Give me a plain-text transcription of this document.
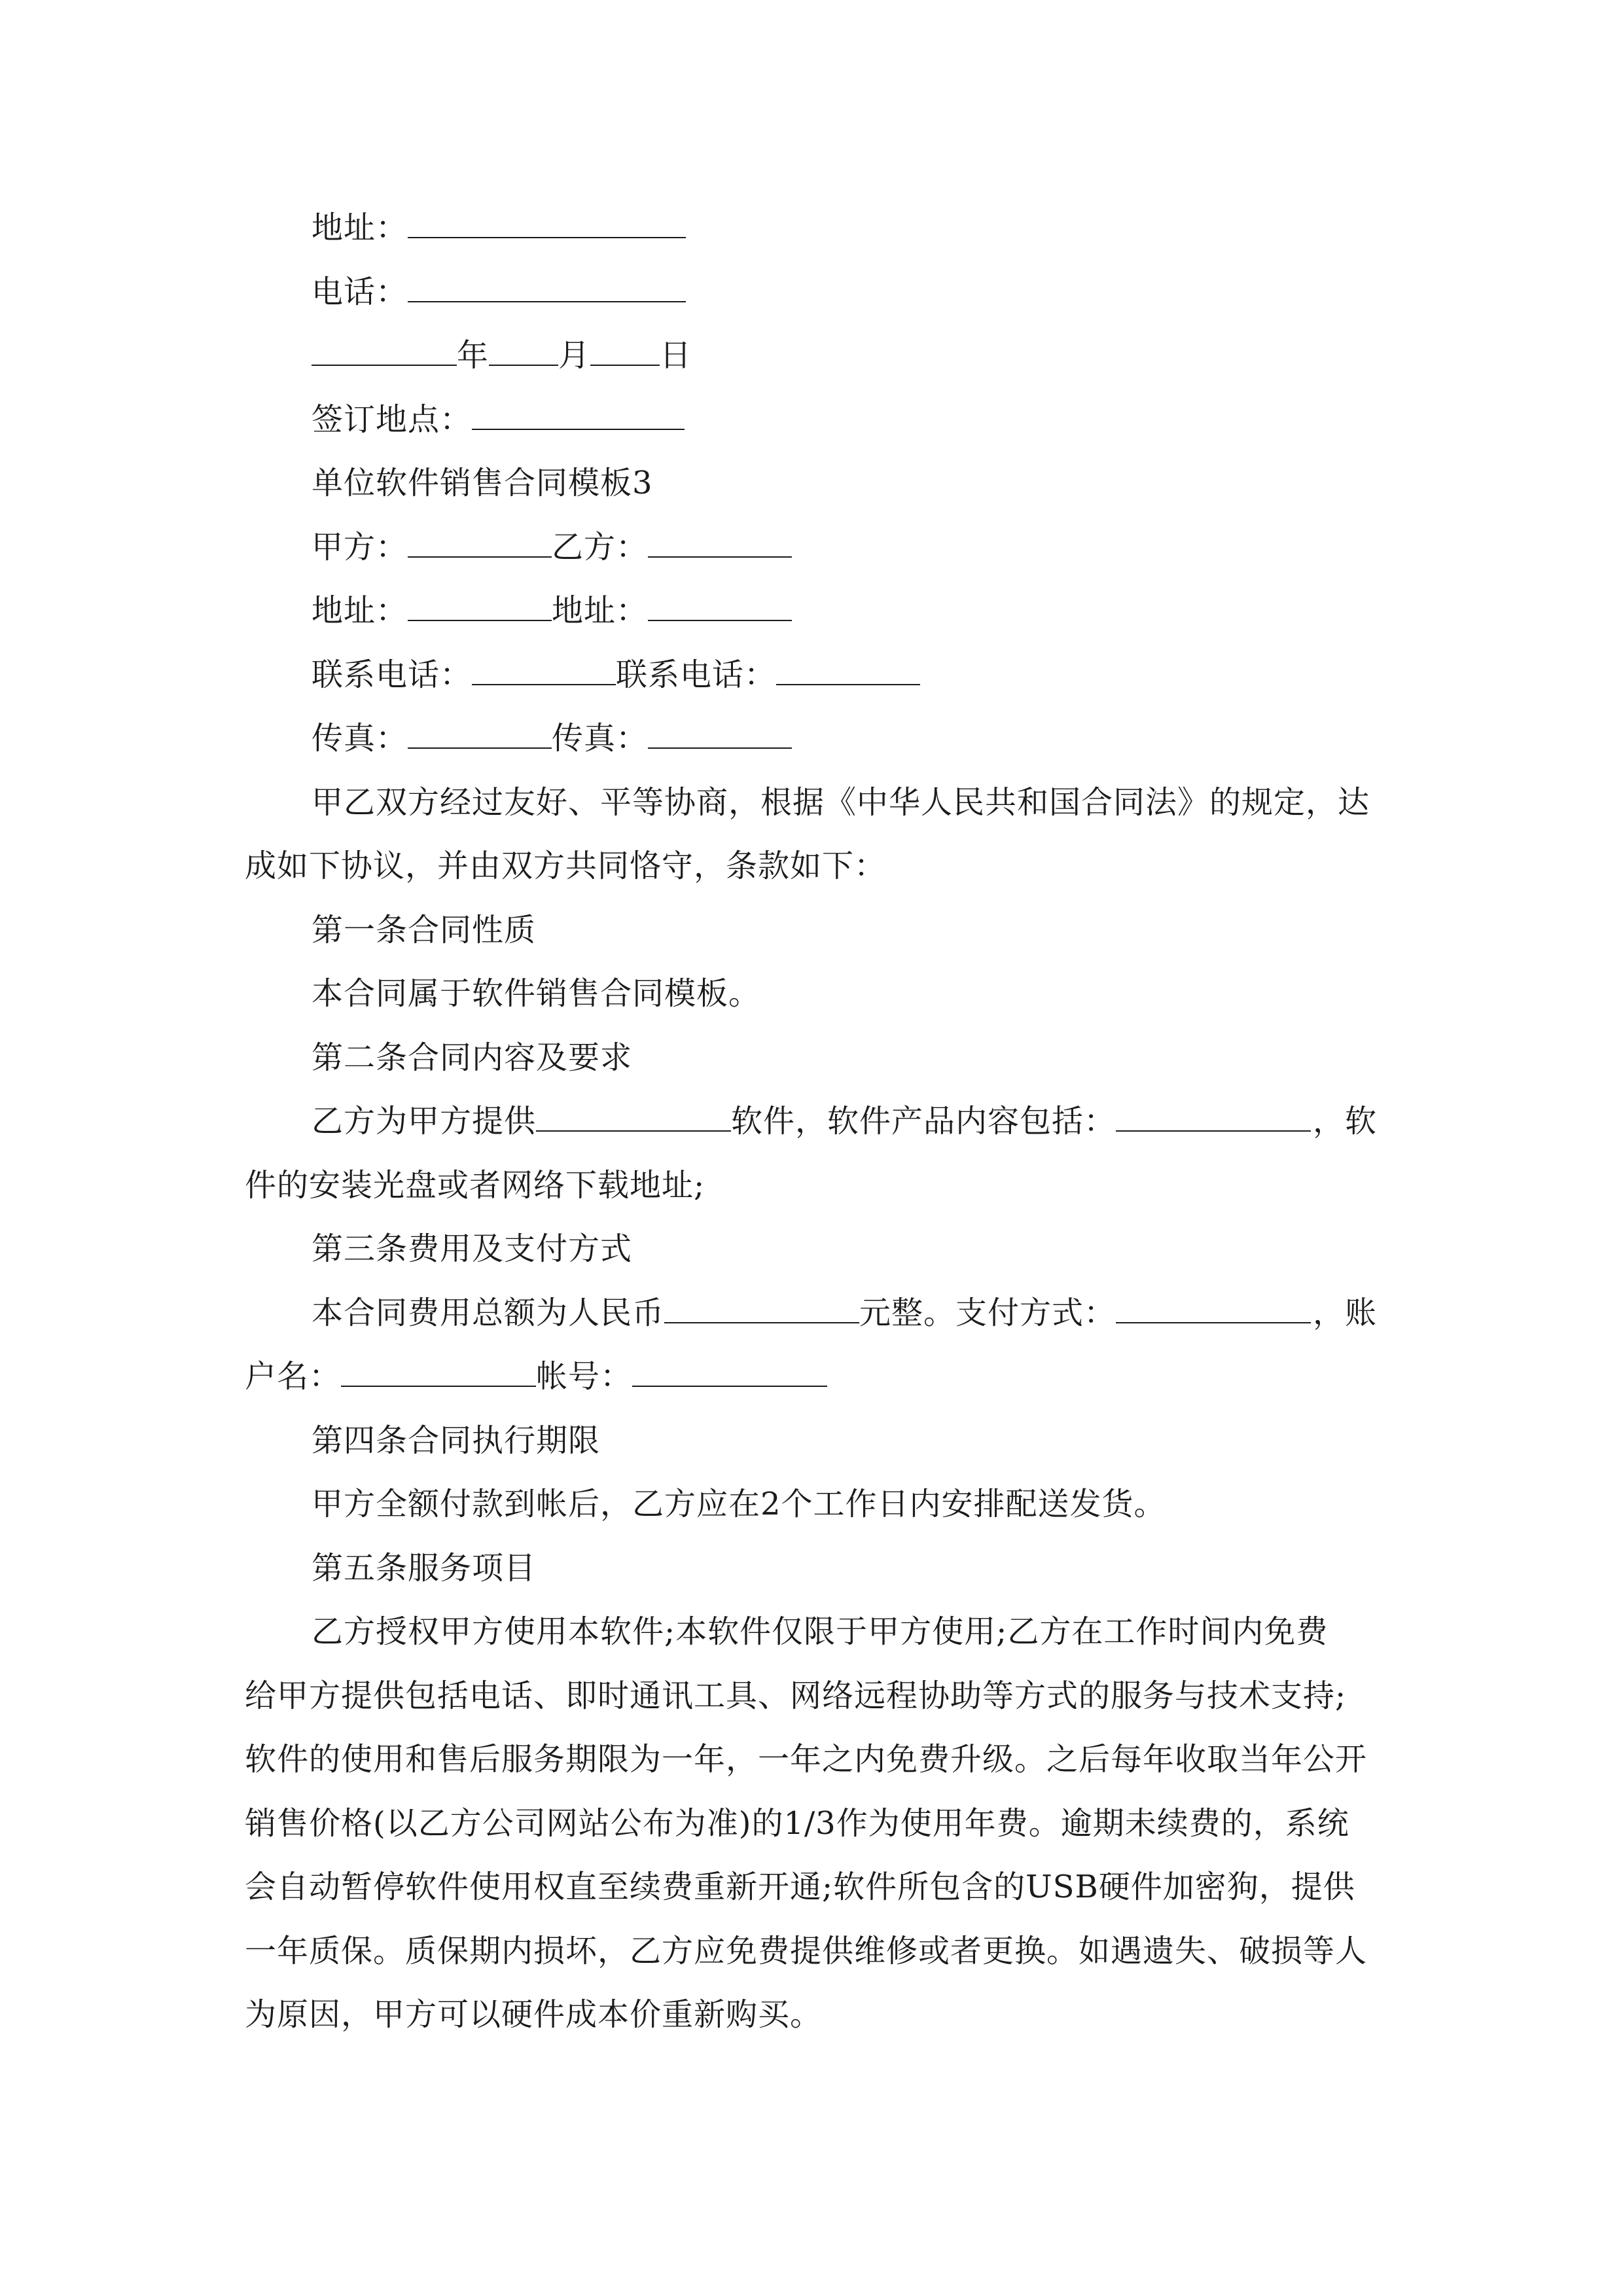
地址：
电话：
年 月 日
签订地点：
单位软件销售合同模板3
甲方：	乙方：
地址：	地址：
联系电话：	联系电话：
传真：	传真：
甲乙双方经过友好、平等协商，根据《中华人民共和国合同法》的规定，达
成如下协议，并由双方共同恪守，条款如下：
第一条合同性质
本合同属于软件销售合同模板。
第二条合同内容及要求
乙方为甲方提供	软件，软件产品内容包括：	，软
件的安装光盘或者网络下载地址;
第三条费用及支付方式
本合同费用总额为人民币	元整。支付方式：	，账
户名：	帐号：
第四条合同执行期限
甲方全额付款到帐后，乙方应在2个工作日内安排配送发货。
第五条服务项目
乙方授权甲方使用本软件;本软件仅限于甲方使用;乙方在工作时间内免费
给甲方提供包括电话、即时通讯工具、网络远程协助等方式的服务与技术支持;
软件的使用和售后服务期限为一年，一年之内免费升级。之后每年收取当年公开
销售价格(以乙方公司网站公布为准)的1/3作为使用年费。逾期未续费的，系统
会自动暂停软件使用权直至续费重新开通;软件所包含的USB硬件加密狗，提供
一年质保。质保期内损坏，乙方应免费提供维修或者更换。如遇遗失、破损等人
为原因，甲方可以硬件成本价重新购买。
